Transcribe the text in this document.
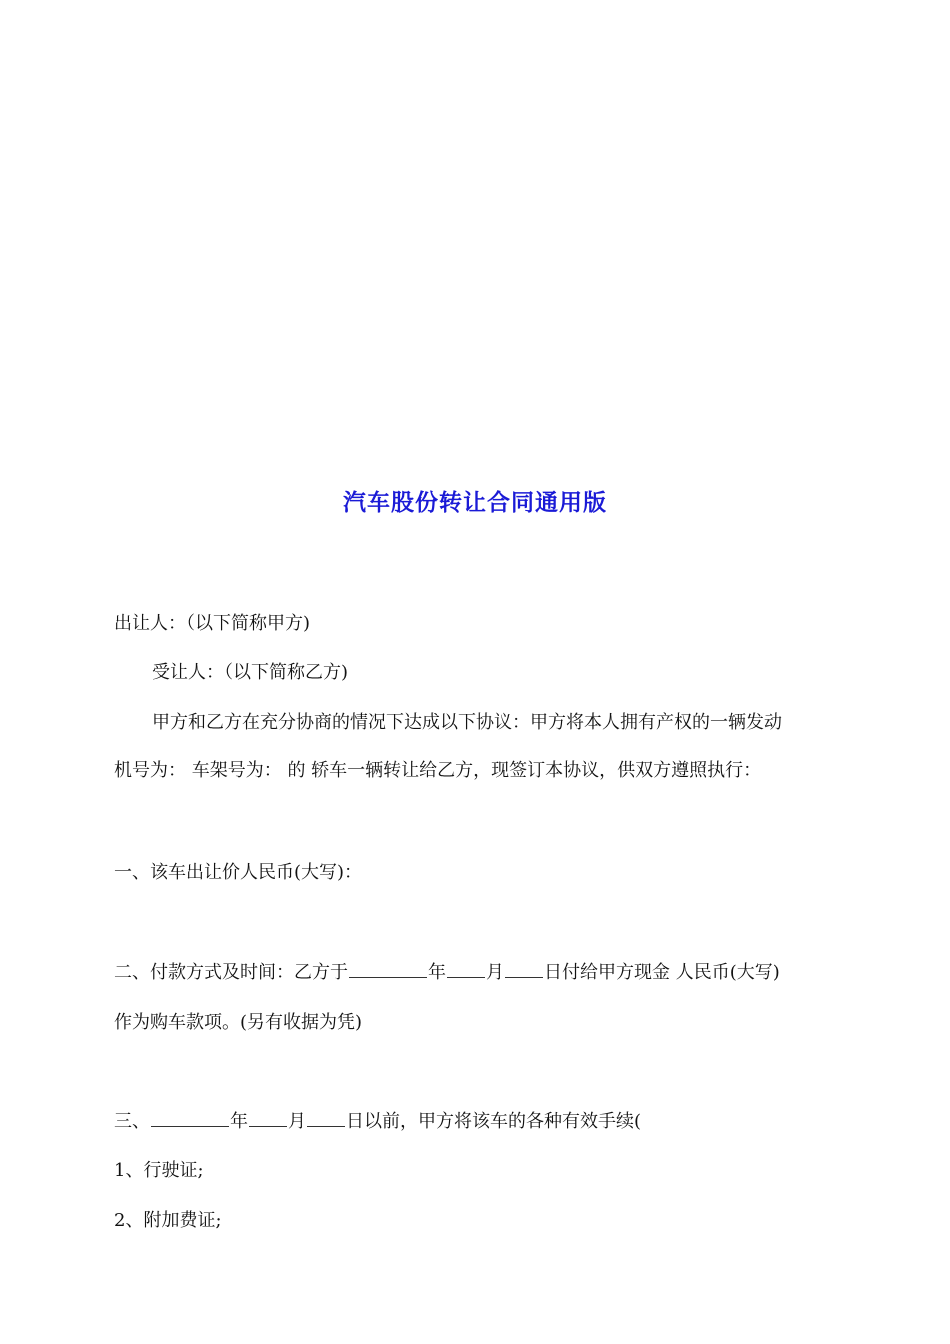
汽车股份转让合同通用版

出让人：（以下简称甲方)

受让人：（以下简称乙方)

甲方和乙方在充分协商的情况下达成以下协议：甲方将本人拥有产权的一辆发动

机号为： 车架号为： 的 轿车一辆转让给乙方，现签订本协议，供双方遵照执行：

一、该车出让价人民币(大写)：

二、付款方式及时间：乙方于	年 月 日付给甲方现金 人民币(大写)

作为购车款项。(另有收据为凭)

三、	年 月 日以前，甲方将该车的各种有效手续(

1、行驶证;

2、附加费证;
